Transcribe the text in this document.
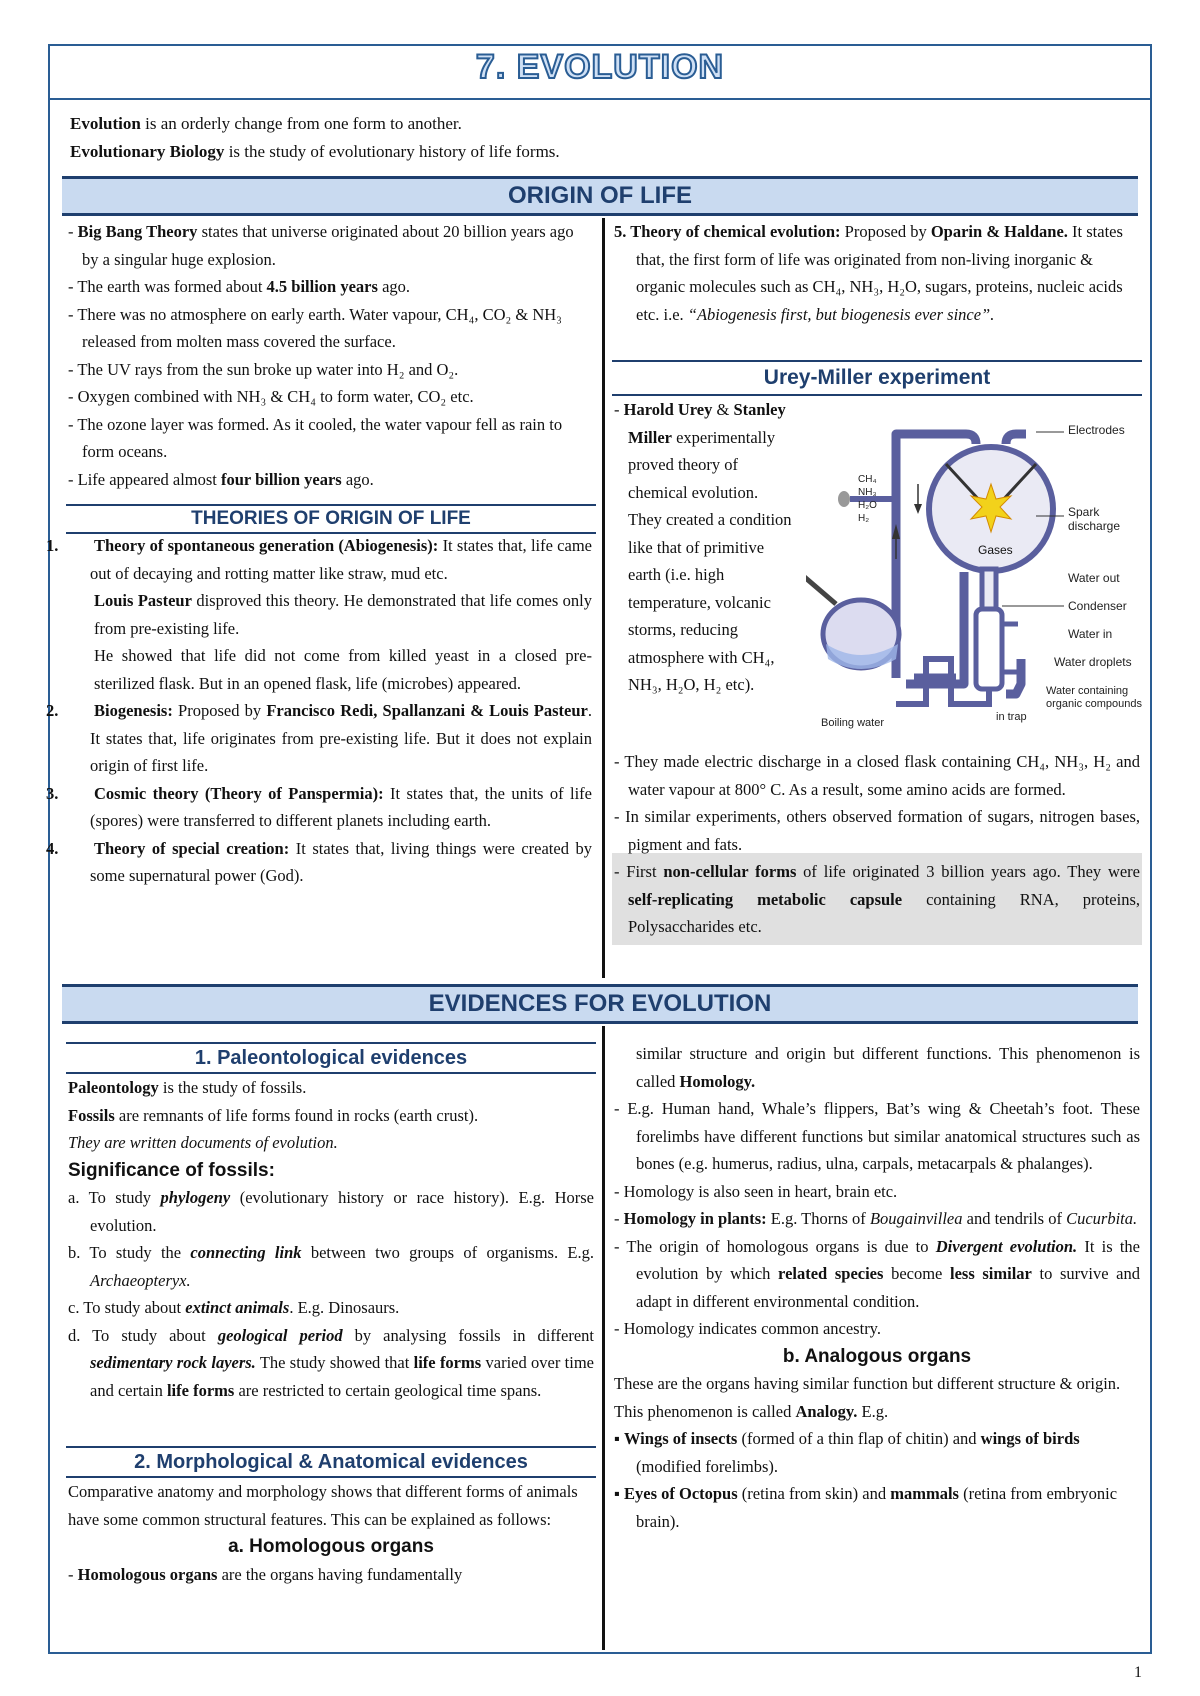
7. EVOLUTION
Evolution is an orderly change from one form to another.
Evolutionary Biology is the study of evolutionary history of life forms.
ORIGIN OF LIFE

- Big Bang Theory states that universe originated about 20 billion years ago by a singular huge explosion.

- The earth was formed about 4.5 billion years ago.

- There was no atmosphere on early earth. Water vapour, CH₄, CO₂ & NH₃ released from molten mass covered the surface.

- The UV rays from the sun broke up water into H₂ and O₂.

- Oxygen combined with NH₃ & CH₄ to form water, CO₂ etc.

- The ozone layer was formed. As it cooled, the water vapour fell as rain to form oceans.

- Life appeared almost four billion years ago.

THEORIES OF ORIGIN OF LIFE

1. Theory of spontaneous generation (Abiogenesis): It states that, life came out of decaying and rotting matter like straw, mud etc.

Louis Pasteur disproved this theory. He demonstrated that life comes only from pre-existing life.

He showed that life did not come from killed yeast in a closed pre-sterilized flask. But in an opened flask, life (microbes) appeared.

2. Biogenesis: Proposed by Francisco Redi, Spallanzani & Louis Pasteur. It states that, life originates from pre-existing life. But it does not explain origin of first life.

3. Cosmic theory (Theory of Panspermia): It states that, the units of life (spores) were transferred to different planets including earth.

4. Theory of special creation: It states that, living things were created by some supernatural power (God).

5. Theory of chemical evolution: Proposed by Oparin & Haldane. It states that, the first form of life was originated from non-living inorganic & organic molecules such as CH₄, NH₃, H₂O, sugars, proteins, nucleic acids etc. i.e. “Abiogenesis first, but biogenesis ever since”.

Urey-Miller experiment

- Harold Urey & Stanley Miller experimentally proved theory of chemical evolution. They created a condition like that of primitive earth (i.e. high temperature, volcanic storms, reducing atmosphere with CH₄, NH₃, H₂O, H₂ etc).

CH₄
NH₃
H₂O
H₂
Gases
Electrodes
Spark
discharge
Water out
Condenser
Water in
Water droplets
Water containing
organic compounds
in trap
Boiling water

- They made electric discharge in a closed flask containing CH₄, NH₃, H₂ and water vapour at 800° C. As a result, some amino acids are formed.

- In similar experiments, others observed formation of sugars, nitrogen bases, pigment and fats.

- First non-cellular forms of life originated 3 billion years ago. They were self-replicating metabolic capsule containing RNA, proteins, Polysaccharides etc.

EVIDENCES FOR EVOLUTION
1. Paleontological evidences

Paleontology is the study of fossils.

Fossils are remnants of life forms found in rocks (earth crust).

They are written documents of evolution.

Significance of fossils:

a. To study phylogeny (evolutionary history or race history). E.g. Horse evolution.

b. To study the connecting link between two groups of organisms. E.g. Archaeopteryx.

c. To study about extinct animals. E.g. Dinosaurs.

d. To study about geological period by analysing fossils in different sedimentary rock layers. The study showed that life forms varied over time and certain life forms are restricted to certain geological time spans.

2. Morphological & Anatomical evidences

Comparative anatomy and morphology shows that different forms of animals have some common structural features. This can be explained as follows:

a. Homologous organs

- Homologous organs are the organs having fundamentally

similar structure and origin but different functions. This phenomenon is called Homology.

- E.g. Human hand, Whale’s flippers, Bat’s wing & Cheetah’s foot. These forelimbs have different functions but similar anatomical structures such as bones (e.g. humerus, radius, ulna, carpals, metacarpals & phalanges).

- Homology is also seen in heart, brain etc.

- Homology in plants: E.g. Thorns of Bougainvillea and tendrils of Cucurbita.

- The origin of homologous organs is due to Divergent evolution. It is the evolution by which related species become less similar to survive and adapt in different environmental condition.

- Homology indicates common ancestry.

b. Analogous organs

These are the organs having similar function but different structure & origin. This phenomenon is called Analogy. E.g.

▪ Wings of insects (formed of a thin flap of chitin) and wings of birds (modified forelimbs).

▪ Eyes of Octopus (retina from skin) and mammals (retina from embryonic brain).

1
